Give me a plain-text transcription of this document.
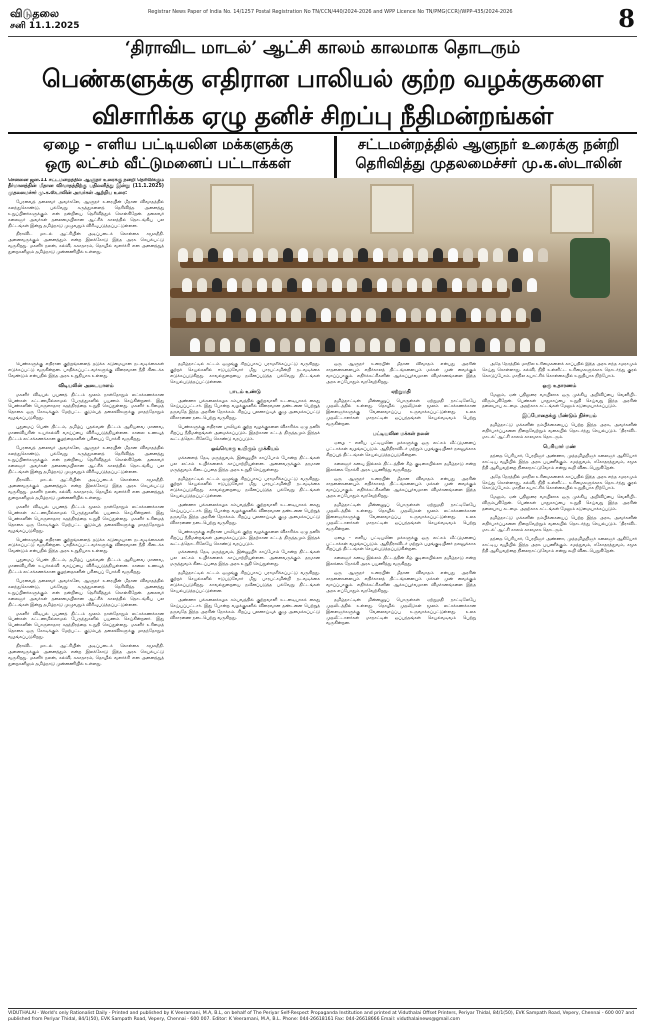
விடுதலை
சனி 11.1.2025
Registrar News Paper of India No. 14/1257 Postal Registration No TN/CCN/440/2024-2026 and WPP Licence No TN/PMG(CCR)/WPP-435/2024-2026	8
‘திராவிட மாடல்’ ஆட்சி காலம் காலமாக தொடரும்
பெண்களுக்கு எதிரான பாலியல் குற்ற வழக்குகளை
விசாரிக்க ஏழு தனிச் சிறப்பு நீதிமன்றங்கள்
ஏழை – எளிய பட்டியலின மக்களுக்கு
ஒரு லட்சம் வீட்டுமனைப் பட்டாக்கள்
சட்டமன்றத்தில் ஆளுநர் உரைக்கு நன்றி
தெரிவித்து முதலமைச்சர் மு.க.ஸ்டாலின்

சென்னை ஜன.11 சட்டமன்றத்தில் ஆளுநர் உரைக்கு நன்றி தெரிவிக்கும் தீர்மானத்தின் மீதான விவாதத்திற்கு பதிலளித்து இன்று (11.1.2025) முதலமைச்சர் மு.க.ஸ்டாலின் அவர்கள் ஆற்றிய உரை:

பேரவைத் தலைவர் அவர்களே, ஆளுநர் உரையின் மீதான விவாதத்தில் கலந்துகொண்டு, பல்வேறு கருத்துகளைத் தெரிவித்த அனைத்து உறுப்பினர்களுக்கும் என் நன்றியை தெரிவித்துக் கொள்கிறேன். தலைவர் கலைஞர் அவர்கள் தலைமையிலான ஆட்சிக் காலத்தில் தொடங்கிய பல திட்டங்கள் இன்று தமிழ்நாடு முழுவதும் விரிவுபடுத்தப்பட்டுள்ளன.

திராவிட மாடல் ஆட்சியின் அடிப்படைக் கொள்கை சமூகநீதி. அனைவருக்கும் அனைத்தும் என்ற இலக்கோடு இந்த அரசு செயல்பட்டு வருகிறது. மகளிர் நலன், கல்வி, சுகாதாரம், தொழில் வளர்ச்சி என அனைத்துத் துறைகளிலும் தமிழ்நாடு முன்னணியில் உள்ளது.

பெண்களுக்கு எதிரான குற்றங்களைத் தடுக்க கடுமையான நடவடிக்கைகள் எடுக்கப்பட்டு வருகின்றன. பாதிக்கப்பட்டவர்களுக்கு விரைவான நீதி கிடைக்க வேண்டும் என்பதில் இந்த அரசு உறுதியாக உள்ளது.

விடியலின் அடையாளம்

மகளிர் விடியல் பயணத் திட்டம் மூலம் நாள்தோறும் லட்சக்கணக்கான பெண்கள் கட்டணமில்லாமல் பேருந்துகளில் பயணம் செய்கின்றனர். இது பெண்களின் பொருளாதார சுதந்திரத்தை உறுதி செய்துள்ளது. மகளிர் உரிமைத் தொகை ஒரு கோடிக்கும் மேற்பட்ட குடும்பத் தலைவிகளுக்கு மாதந்தோறும் வழங்கப்படுகிறது.

புதுமைப் பெண் திட்டம், தமிழ்ப் புதல்வன் திட்டம் ஆகியவை மாணவ, மாணவியரின் உயர்கல்வி வாய்ப்பை விரிவுபடுத்தியுள்ளன. காலை உணவுத் திட்டம் லட்சக்கணக்கான குழந்தைகளின் பசியைப் போக்கி வருகிறது.

பேரவைத் தலைவர் அவர்களே, ஆளுநர் உரையின் மீதான விவாதத்தில் கலந்துகொண்டு, பல்வேறு கருத்துகளைத் தெரிவித்த அனைத்து உறுப்பினர்களுக்கும் என் நன்றியை தெரிவித்துக் கொள்கிறேன். தலைவர் கலைஞர் அவர்கள் தலைமையிலான ஆட்சிக் காலத்தில் தொடங்கிய பல திட்டங்கள் இன்று தமிழ்நாடு முழுவதும் விரிவுபடுத்தப்பட்டுள்ளன.

திராவிட மாடல் ஆட்சியின் அடிப்படைக் கொள்கை சமூகநீதி. அனைவருக்கும் அனைத்தும் என்ற இலக்கோடு இந்த அரசு செயல்பட்டு வருகிறது. மகளிர் நலன், கல்வி, சுகாதாரம், தொழில் வளர்ச்சி என அனைத்துத் துறைகளிலும் தமிழ்நாடு முன்னணியில் உள்ளது.

மகளிர் விடியல் பயணத் திட்டம் மூலம் நாள்தோறும் லட்சக்கணக்கான பெண்கள் கட்டணமில்லாமல் பேருந்துகளில் பயணம் செய்கின்றனர். இது பெண்களின் பொருளாதார சுதந்திரத்தை உறுதி செய்துள்ளது. மகளிர் உரிமைத் தொகை ஒரு கோடிக்கும் மேற்பட்ட குடும்பத் தலைவிகளுக்கு மாதந்தோறும் வழங்கப்படுகிறது.

பெண்களுக்கு எதிரான குற்றங்களைத் தடுக்க கடுமையான நடவடிக்கைகள் எடுக்கப்பட்டு வருகின்றன. பாதிக்கப்பட்டவர்களுக்கு விரைவான நீதி கிடைக்க வேண்டும் என்பதில் இந்த அரசு உறுதியாக உள்ளது.

புதுமைப் பெண் திட்டம், தமிழ்ப் புதல்வன் திட்டம் ஆகியவை மாணவ, மாணவியரின் உயர்கல்வி வாய்ப்பை விரிவுபடுத்தியுள்ளன. காலை உணவுத் திட்டம் லட்சக்கணக்கான குழந்தைகளின் பசியைப் போக்கி வருகிறது.

பேரவைத் தலைவர் அவர்களே, ஆளுநர் உரையின் மீதான விவாதத்தில் கலந்துகொண்டு, பல்வேறு கருத்துகளைத் தெரிவித்த அனைத்து உறுப்பினர்களுக்கும் என் நன்றியை தெரிவித்துக் கொள்கிறேன். தலைவர் கலைஞர் அவர்கள் தலைமையிலான ஆட்சிக் காலத்தில் தொடங்கிய பல திட்டங்கள் இன்று தமிழ்நாடு முழுவதும் விரிவுபடுத்தப்பட்டுள்ளன.

மகளிர் விடியல் பயணத் திட்டம் மூலம் நாள்தோறும் லட்சக்கணக்கான பெண்கள் கட்டணமில்லாமல் பேருந்துகளில் பயணம் செய்கின்றனர். இது பெண்களின் பொருளாதார சுதந்திரத்தை உறுதி செய்துள்ளது. மகளிர் உரிமைத் தொகை ஒரு கோடிக்கும் மேற்பட்ட குடும்பத் தலைவிகளுக்கு மாதந்தோறும் வழங்கப்படுகிறது.

திராவிட மாடல் ஆட்சியின் அடிப்படைக் கொள்கை சமூகநீதி. அனைவருக்கும் அனைத்தும் என்ற இலக்கோடு இந்த அரசு செயல்பட்டு வருகிறது. மகளிர் நலன், கல்வி, சுகாதாரம், தொழில் வளர்ச்சி என அனைத்துத் துறைகளிலும் தமிழ்நாடு முன்னணியில் உள்ளது.

தமிழ்நாட்டில் சட்டம் ஒழுங்கு சிறப்பாகப் பராமரிக்கப்பட்டு வருகிறது. குற்றச் செயல்களில் ஈடுபடுவோர் மீது பாரபட்சமின்றி நடவடிக்கை எடுக்கப்படுகிறது. காவல்துறையை நவீனப்படுத்த பல்வேறு திட்டங்கள் செயல்படுத்தப்பட்டுள்ளன.

பாடம் உண்டு

அண்ணா பல்கலைக்கழக சம்பவத்தில் குற்றவாளி உடனடியாகக் கைது செய்யப்பட்டார். இது போன்ற வழக்குகளில் விரைவான தண்டனை பெற்றுத் தருவதே இந்த அரசின் நோக்கம். சிறப்பு புலனாய்வுக் குழு அமைக்கப்பட்டு விசாரணை நடைபெற்று வருகிறது.

பெண்களுக்கு எதிரான பாலியல் குற்ற வழக்குகளை விசாரிக்க ஏழு தனிச் சிறப்பு நீதிமன்றங்கள் அமைக்கப்படும். இதற்கான சட்டத் திருத்தமும் இந்தக் கூட்டத்தொடரிலேயே கொண்டு வரப்படும்.

ஒவ்வொரு உயிரும் முக்கியம்

மக்களைத் தேடி மருத்துவம், இன்னுயிர் காப்போம் போன்ற திட்டங்கள் பல லட்சம் உயிர்களைக் காப்பாற்றியுள்ளன. அனைவருக்கும் தரமான மருத்துவம் கிடைப்பதை இந்த அரசு உறுதி செய்துள்ளது.

தமிழ்நாட்டில் சட்டம் ஒழுங்கு சிறப்பாகப் பராமரிக்கப்பட்டு வருகிறது. குற்றச் செயல்களில் ஈடுபடுவோர் மீது பாரபட்சமின்றி நடவடிக்கை எடுக்கப்படுகிறது. காவல்துறையை நவீனப்படுத்த பல்வேறு திட்டங்கள் செயல்படுத்தப்பட்டுள்ளன.

அண்ணா பல்கலைக்கழக சம்பவத்தில் குற்றவாளி உடனடியாகக் கைது செய்யப்பட்டார். இது போன்ற வழக்குகளில் விரைவான தண்டனை பெற்றுத் தருவதே இந்த அரசின் நோக்கம். சிறப்பு புலனாய்வுக் குழு அமைக்கப்பட்டு விசாரணை நடைபெற்று வருகிறது.

பெண்களுக்கு எதிரான பாலியல் குற்ற வழக்குகளை விசாரிக்க ஏழு தனிச் சிறப்பு நீதிமன்றங்கள் அமைக்கப்படும். இதற்கான சட்டத் திருத்தமும் இந்தக் கூட்டத்தொடரிலேயே கொண்டு வரப்படும்.

மக்களைத் தேடி மருத்துவம், இன்னுயிர் காப்போம் போன்ற திட்டங்கள் பல லட்சம் உயிர்களைக் காப்பாற்றியுள்ளன. அனைவருக்கும் தரமான மருத்துவம் கிடைப்பதை இந்த அரசு உறுதி செய்துள்ளது.

தமிழ்நாட்டில் சட்டம் ஒழுங்கு சிறப்பாகப் பராமரிக்கப்பட்டு வருகிறது. குற்றச் செயல்களில் ஈடுபடுவோர் மீது பாரபட்சமின்றி நடவடிக்கை எடுக்கப்படுகிறது. காவல்துறையை நவீனப்படுத்த பல்வேறு திட்டங்கள் செயல்படுத்தப்பட்டுள்ளன.

அண்ணா பல்கலைக்கழக சம்பவத்தில் குற்றவாளி உடனடியாகக் கைது செய்யப்பட்டார். இது போன்ற வழக்குகளில் விரைவான தண்டனை பெற்றுத் தருவதே இந்த அரசின் நோக்கம். சிறப்பு புலனாய்வுக் குழு அமைக்கப்பட்டு விசாரணை நடைபெற்று வருகிறது.

ஒரு ஆளுநர் உரையின் மீதான விவாதம் என்பது அரசின் சாதனைகளையும் எதிர்காலத் திட்டங்களையும் மக்கள் முன் வைக்கும் வாய்ப்பாகும். எதிர்க்கட்சிகளின் ஆக்கப்பூர்வமான விமர்சனங்களை இந்த அரசு எப்போதும் வரவேற்கிறது.

ஏற்றுமதி

தமிழ்நாட்டின் மின்னணுப் பொருள்கள் ஏற்றுமதி நாட்டிலேயே முதலிடத்தில் உள்ளது. தொழில் முதலீடுகள் மூலம் லட்சக்கணக்கான இளைஞர்களுக்கு வேலைவாய்ப்பு உருவாக்கப்பட்டுள்ளது. உலக முதலீட்டாளர்கள் மாநாட்டின் ஒப்பந்தங்கள் செயல்வடிவம் பெற்று வருகின்றன.

பட்டியலின மக்கள் நலன்

ஏழை – எளிய பட்டியலின மக்களுக்கு ஒரு லட்சம் வீட்டுமனைப் பட்டாக்கள் வழங்கப்படும். ஆதிதிராவிடர் மற்றும் பழங்குடியினர் நலனுக்காக சிறப்புத் திட்டங்கள் செயல்படுத்தப்படுகின்றன.

கலைஞர் கனவு இல்லம் திட்டத்தின் கீழ் குடிசையில்லா தமிழ்நாடு என்ற இலக்கை நோக்கி அரசு பயணித்து வருகிறது.

ஒரு ஆளுநர் உரையின் மீதான விவாதம் என்பது அரசின் சாதனைகளையும் எதிர்காலத் திட்டங்களையும் மக்கள் முன் வைக்கும் வாய்ப்பாகும். எதிர்க்கட்சிகளின் ஆக்கப்பூர்வமான விமர்சனங்களை இந்த அரசு எப்போதும் வரவேற்கிறது.

தமிழ்நாட்டின் மின்னணுப் பொருள்கள் ஏற்றுமதி நாட்டிலேயே முதலிடத்தில் உள்ளது. தொழில் முதலீடுகள் மூலம் லட்சக்கணக்கான இளைஞர்களுக்கு வேலைவாய்ப்பு உருவாக்கப்பட்டுள்ளது. உலக முதலீட்டாளர்கள் மாநாட்டின் ஒப்பந்தங்கள் செயல்வடிவம் பெற்று வருகின்றன.

ஏழை – எளிய பட்டியலின மக்களுக்கு ஒரு லட்சம் வீட்டுமனைப் பட்டாக்கள் வழங்கப்படும். ஆதிதிராவிடர் மற்றும் பழங்குடியினர் நலனுக்காக சிறப்புத் திட்டங்கள் செயல்படுத்தப்படுகின்றன.

கலைஞர் கனவு இல்லம் திட்டத்தின் கீழ் குடிசையில்லா தமிழ்நாடு என்ற இலக்கை நோக்கி அரசு பயணித்து வருகிறது.

ஒரு ஆளுநர் உரையின் மீதான விவாதம் என்பது அரசின் சாதனைகளையும் எதிர்காலத் திட்டங்களையும் மக்கள் முன் வைக்கும் வாய்ப்பாகும். எதிர்க்கட்சிகளின் ஆக்கப்பூர்வமான விமர்சனங்களை இந்த அரசு எப்போதும் வரவேற்கிறது.

தமிழ்நாட்டின் மின்னணுப் பொருள்கள் ஏற்றுமதி நாட்டிலேயே முதலிடத்தில் உள்ளது. தொழில் முதலீடுகள் மூலம் லட்சக்கணக்கான இளைஞர்களுக்கு வேலைவாய்ப்பு உருவாக்கப்பட்டுள்ளது. உலக முதலீட்டாளர்கள் மாநாட்டின் ஒப்பந்தங்கள் செயல்வடிவம் பெற்று வருகின்றன.

அதே நேரத்தில் மாநில உரிமைகளைக் காப்பதில் இந்த அரசு எந்த சமரசமும் செய்து கொள்ளாது. கல்வி, நிதி உள்ளிட்ட உரிமைகளுக்காக தொடர்ந்து குரல் கொடுப்போம். மாநில சுயாட்சிக் கொள்கையில் உறுதியாக நிற்போம்.

ஒரு உதாரணம்

மேலும், ஏன் பதிலுரை வாயிலாக ஒரு முக்கிய அறிவிப்பை வெளியிட விரும்புகிறேன். பெண்கள் பாதுகாப்பை உறுதி செய்வது இந்த அரசின் தலையாய கடமை. அதற்காக சட்டங்கள் மேலும் கடுமையாக்கப்படும்.

இப்போதைக்கு மீண்டும் நிச்சயம்

தமிழ்நாட்டு மக்களின் நம்பிக்கையைப் பெற்ற இந்த அரசு, அவர்களின் எதிர்பார்ப்புகளை நிறைவேற்றும் வகையில் தொடர்ந்து செயல்படும். ‘திராவிட மாடல்’ ஆட்சி காலம் காலமாக தொடரும்.

பெரியார் மண்

தந்தை பெரியார், பேரறிஞர் அண்ணா, முத்தமிழறிஞர் கலைஞர் ஆகியோர் காட்டிய வழியில் இந்த அரசு பயணிக்கும். சமத்துவம், சகோதரத்துவம், சமூக நீதி ஆகியவற்றை நிலைநாட்டுவோம் என்று கூறி விடைபெறுகிறேன்.

அதே நேரத்தில் மாநில உரிமைகளைக் காப்பதில் இந்த அரசு எந்த சமரசமும் செய்து கொள்ளாது. கல்வி, நிதி உள்ளிட்ட உரிமைகளுக்காக தொடர்ந்து குரல் கொடுப்போம். மாநில சுயாட்சிக் கொள்கையில் உறுதியாக நிற்போம்.

மேலும், ஏன் பதிலுரை வாயிலாக ஒரு முக்கிய அறிவிப்பை வெளியிட விரும்புகிறேன். பெண்கள் பாதுகாப்பை உறுதி செய்வது இந்த அரசின் தலையாய கடமை. அதற்காக சட்டங்கள் மேலும் கடுமையாக்கப்படும்.

தமிழ்நாட்டு மக்களின் நம்பிக்கையைப் பெற்ற இந்த அரசு, அவர்களின் எதிர்பார்ப்புகளை நிறைவேற்றும் வகையில் தொடர்ந்து செயல்படும். ‘திராவிட மாடல்’ ஆட்சி காலம் காலமாக தொடரும்.

தந்தை பெரியார், பேரறிஞர் அண்ணா, முத்தமிழறிஞர் கலைஞர் ஆகியோர் காட்டிய வழியில் இந்த அரசு பயணிக்கும். சமத்துவம், சகோதரத்துவம், சமூக நீதி ஆகியவற்றை நிலைநாட்டுவோம் என்று கூறி விடைபெறுகிறேன்.

VIDUTHALAI - World's only Rationalist Daily - Printed and published by K Veeramani, M.A, B.L, on behalf of The Periyar Self-Respect Propaganda Institution and printed at Viduthalai Offset Printers, Periyar Thidal, 84/1(50), EVK Sampath Road, Vepery, Chennai - 600 007 and published from Periyar Thidal, 84/1(50), EVK Sampath Road, Vepery, Chennai - 600 007. Editor: K Veeramani, M.A, B.L. Phone: 044-26618161 Fax: 044-26618666 Email: viduthalainews@gmail.com
